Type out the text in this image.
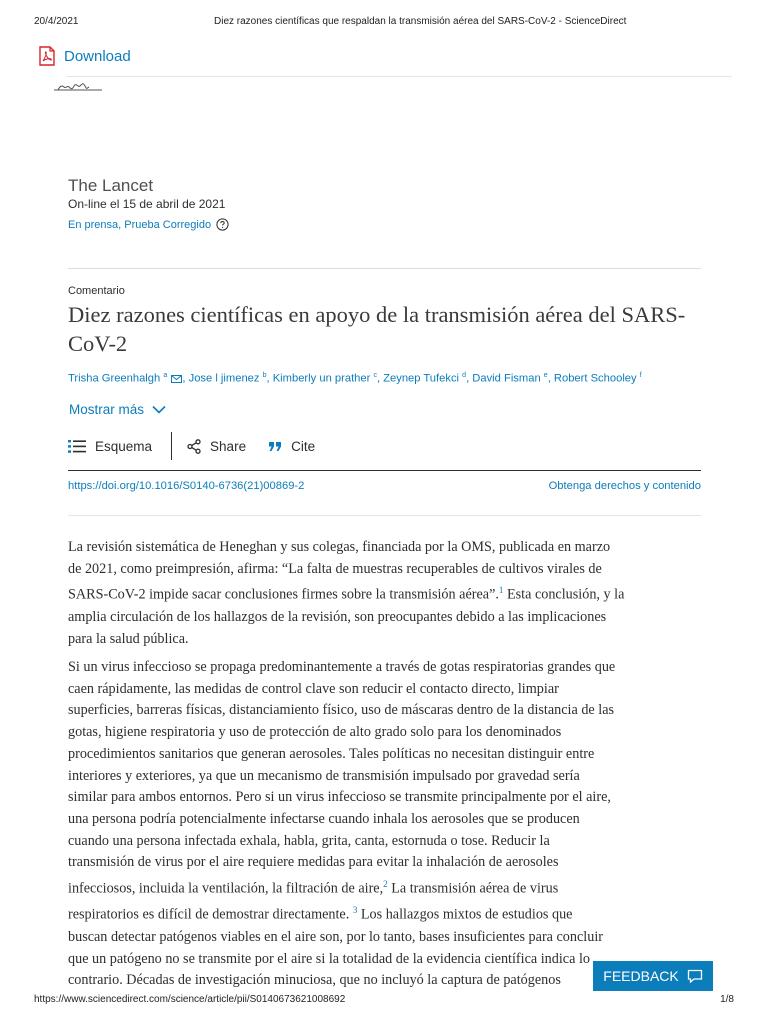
20/4/2021	Diez razones científicas que respaldan la transmisión aérea del SARS-CoV-2 - ScienceDirect
Download
The Lancet
On-line el 15 de abril de 2021
En prensa, Prueba Corregido
Comentario
Diez razones científicas en apoyo de la transmisión aérea del SARS-CoV-2
Trisha Greenhalgh $^a$ , Jose l jimenez $^b$, Kimberly un prather $^c$, Zeynep Tufekci $^d$, David Fisman $^e$, Robert Schooley $^f$
Mostrar más
Esquema	Share	Cite
https://doi.org/10.1016/S0140-6736(21)00869-2	Obtenga derechos y contenido
La revisión sistemática de Heneghan y sus colegas, financiada por la OMS, publicada en marzo
de 2021, como preimpresión, afirma: “La falta de muestras recuperables de cultivos virales de
SARS-CoV-2 impide sacar conclusiones firmes sobre la transmisión aérea”.$^1$ Esta conclusión, y la
amplia circulación de los hallazgos de la revisión, son preocupantes debido a las implicaciones
para la salud pública.
Si un virus infeccioso se propaga predominantemente a través de gotas respiratorias grandes que
caen rápidamente, las medidas de control clave son reducir el contacto directo, limpiar
superficies, barreras físicas, distanciamiento físico, uso de máscaras dentro de la distancia de las
gotas, higiene respiratoria y uso de protección de alto grado solo para los denominados
procedimientos sanitarios que generan aerosoles. Tales políticas no necesitan distinguir entre
interiores y exteriores, ya que un mecanismo de transmisión impulsado por gravedad sería
similar para ambos entornos. Pero si un virus infeccioso se transmite principalmente por el aire,
una persona podría potencialmente infectarse cuando inhala los aerosoles que se producen
cuando una persona infectada exhala, habla, grita, canta, estornuda o tose. Reducir la
transmisión de virus por el aire requiere medidas para evitar la inhalación de aerosoles
infecciosos, incluida la ventilación, la filtración de aire,$^2$ La transmisión aérea de virus
respiratorios es difícil de demostrar directamente. $^3$ Los hallazgos mixtos de estudios que
buscan detectar patógenos viables en el aire son, por lo tanto, bases insuficientes para concluir
que un patógeno no se transmite por el aire si la totalidad de la evidencia científica indica lo
contrario. Décadas de investigación minuciosa, que no incluyó la captura de patógenos	FEEDBACK
https://www.sciencedirect.com/science/article/pii/S0140673621008692	1/8
